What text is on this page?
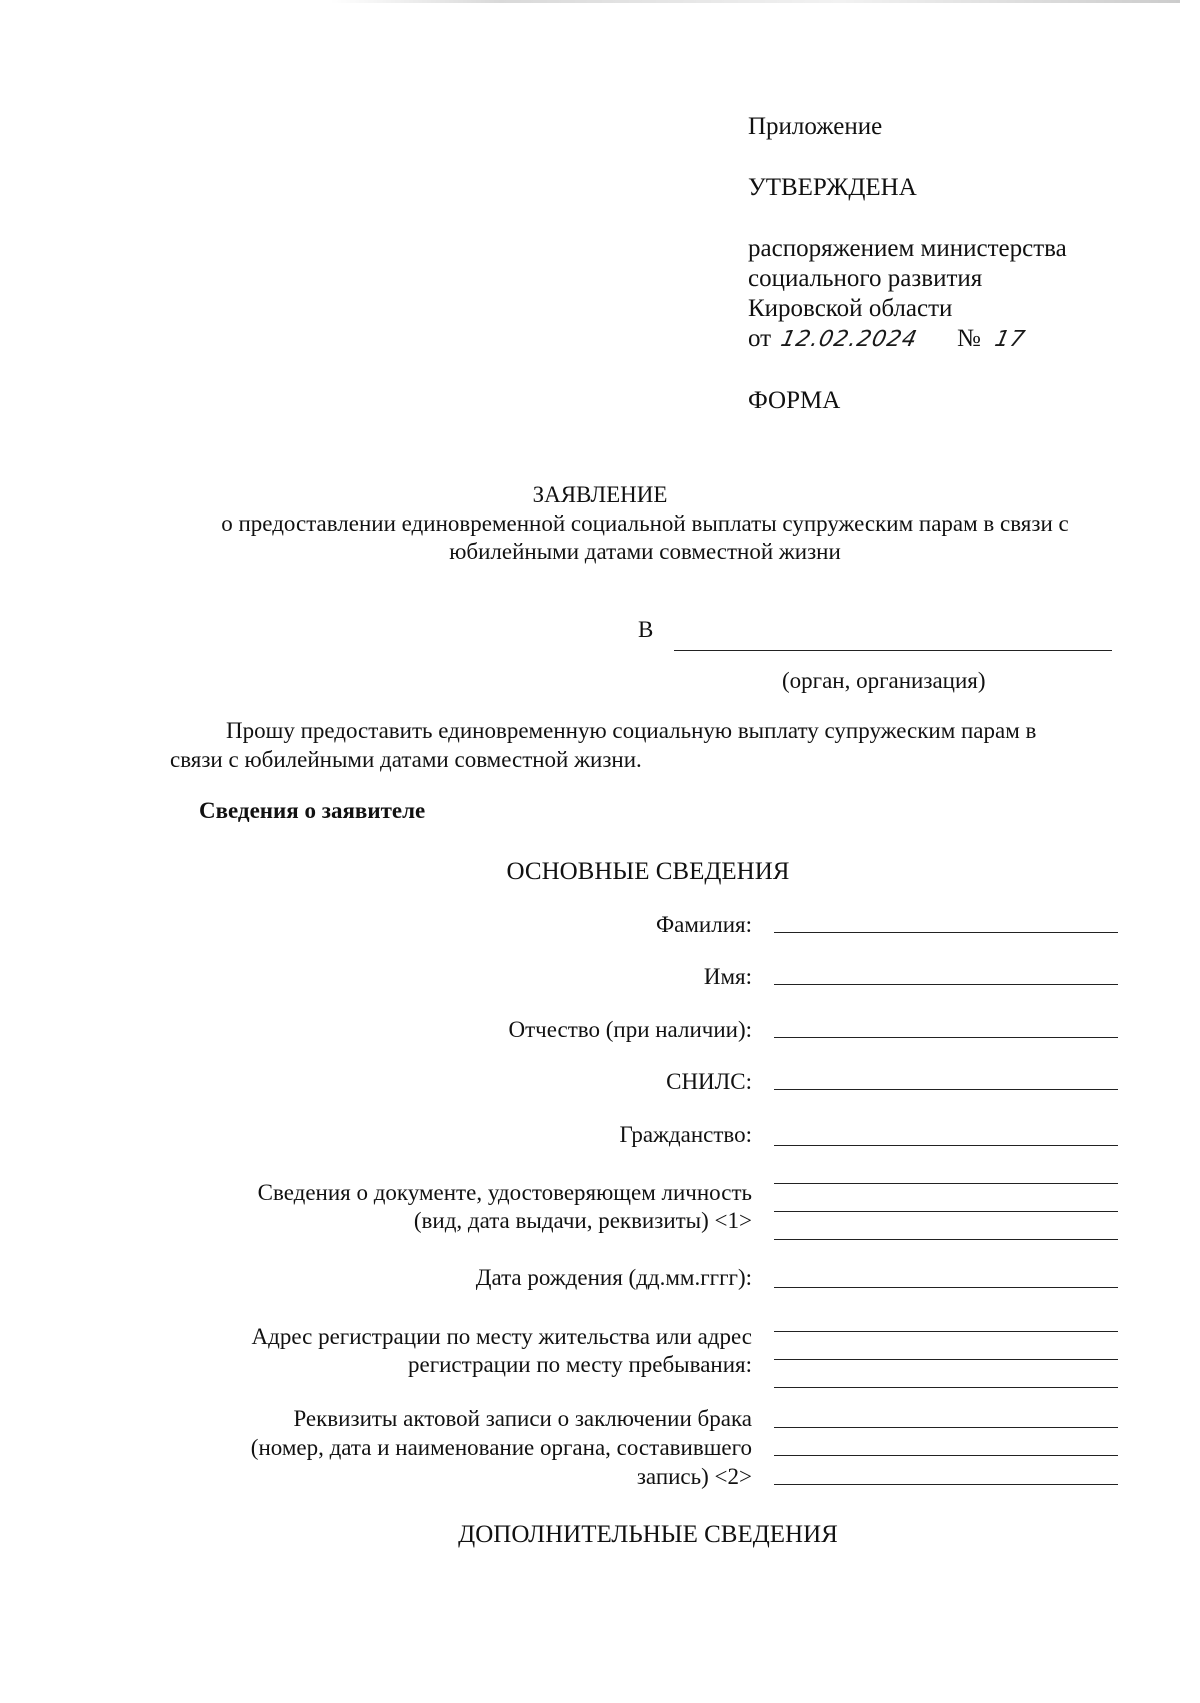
Приложение
УТВЕРЖДЕНА
распоряжением министерства
социального развития
Кировской области
от 12.02.2024 № 17
ФОРМА
ЗАЯВЛЕНИЕ
о предоставлении единовременной социальной выплаты супружеским парам в связи с
юбилейными датами совместной жизни
В
(орган, организация)
Прошу предоставить единовременную социальную выплату супружеским парам в
связи с юбилейными датами совместной жизни.
Сведения о заявителе
ОСНОВНЫЕ СВЕДЕНИЯ
Фамилия:
Имя:
Отчество (при наличии):
СНИЛС:
Гражданство:
Сведения о документе, удостоверяющем личность
(вид, дата выдачи, реквизиты) <1>
Дата рождения (дд.мм.гггг):
Адрес регистрации по месту жительства или адрес
регистрации по месту пребывания:
Реквизиты актовой записи о заключении брака
(номер, дата и наименование органа, составившего
запись) <2>
ДОПОЛНИТЕЛЬНЫЕ СВЕДЕНИЯ
